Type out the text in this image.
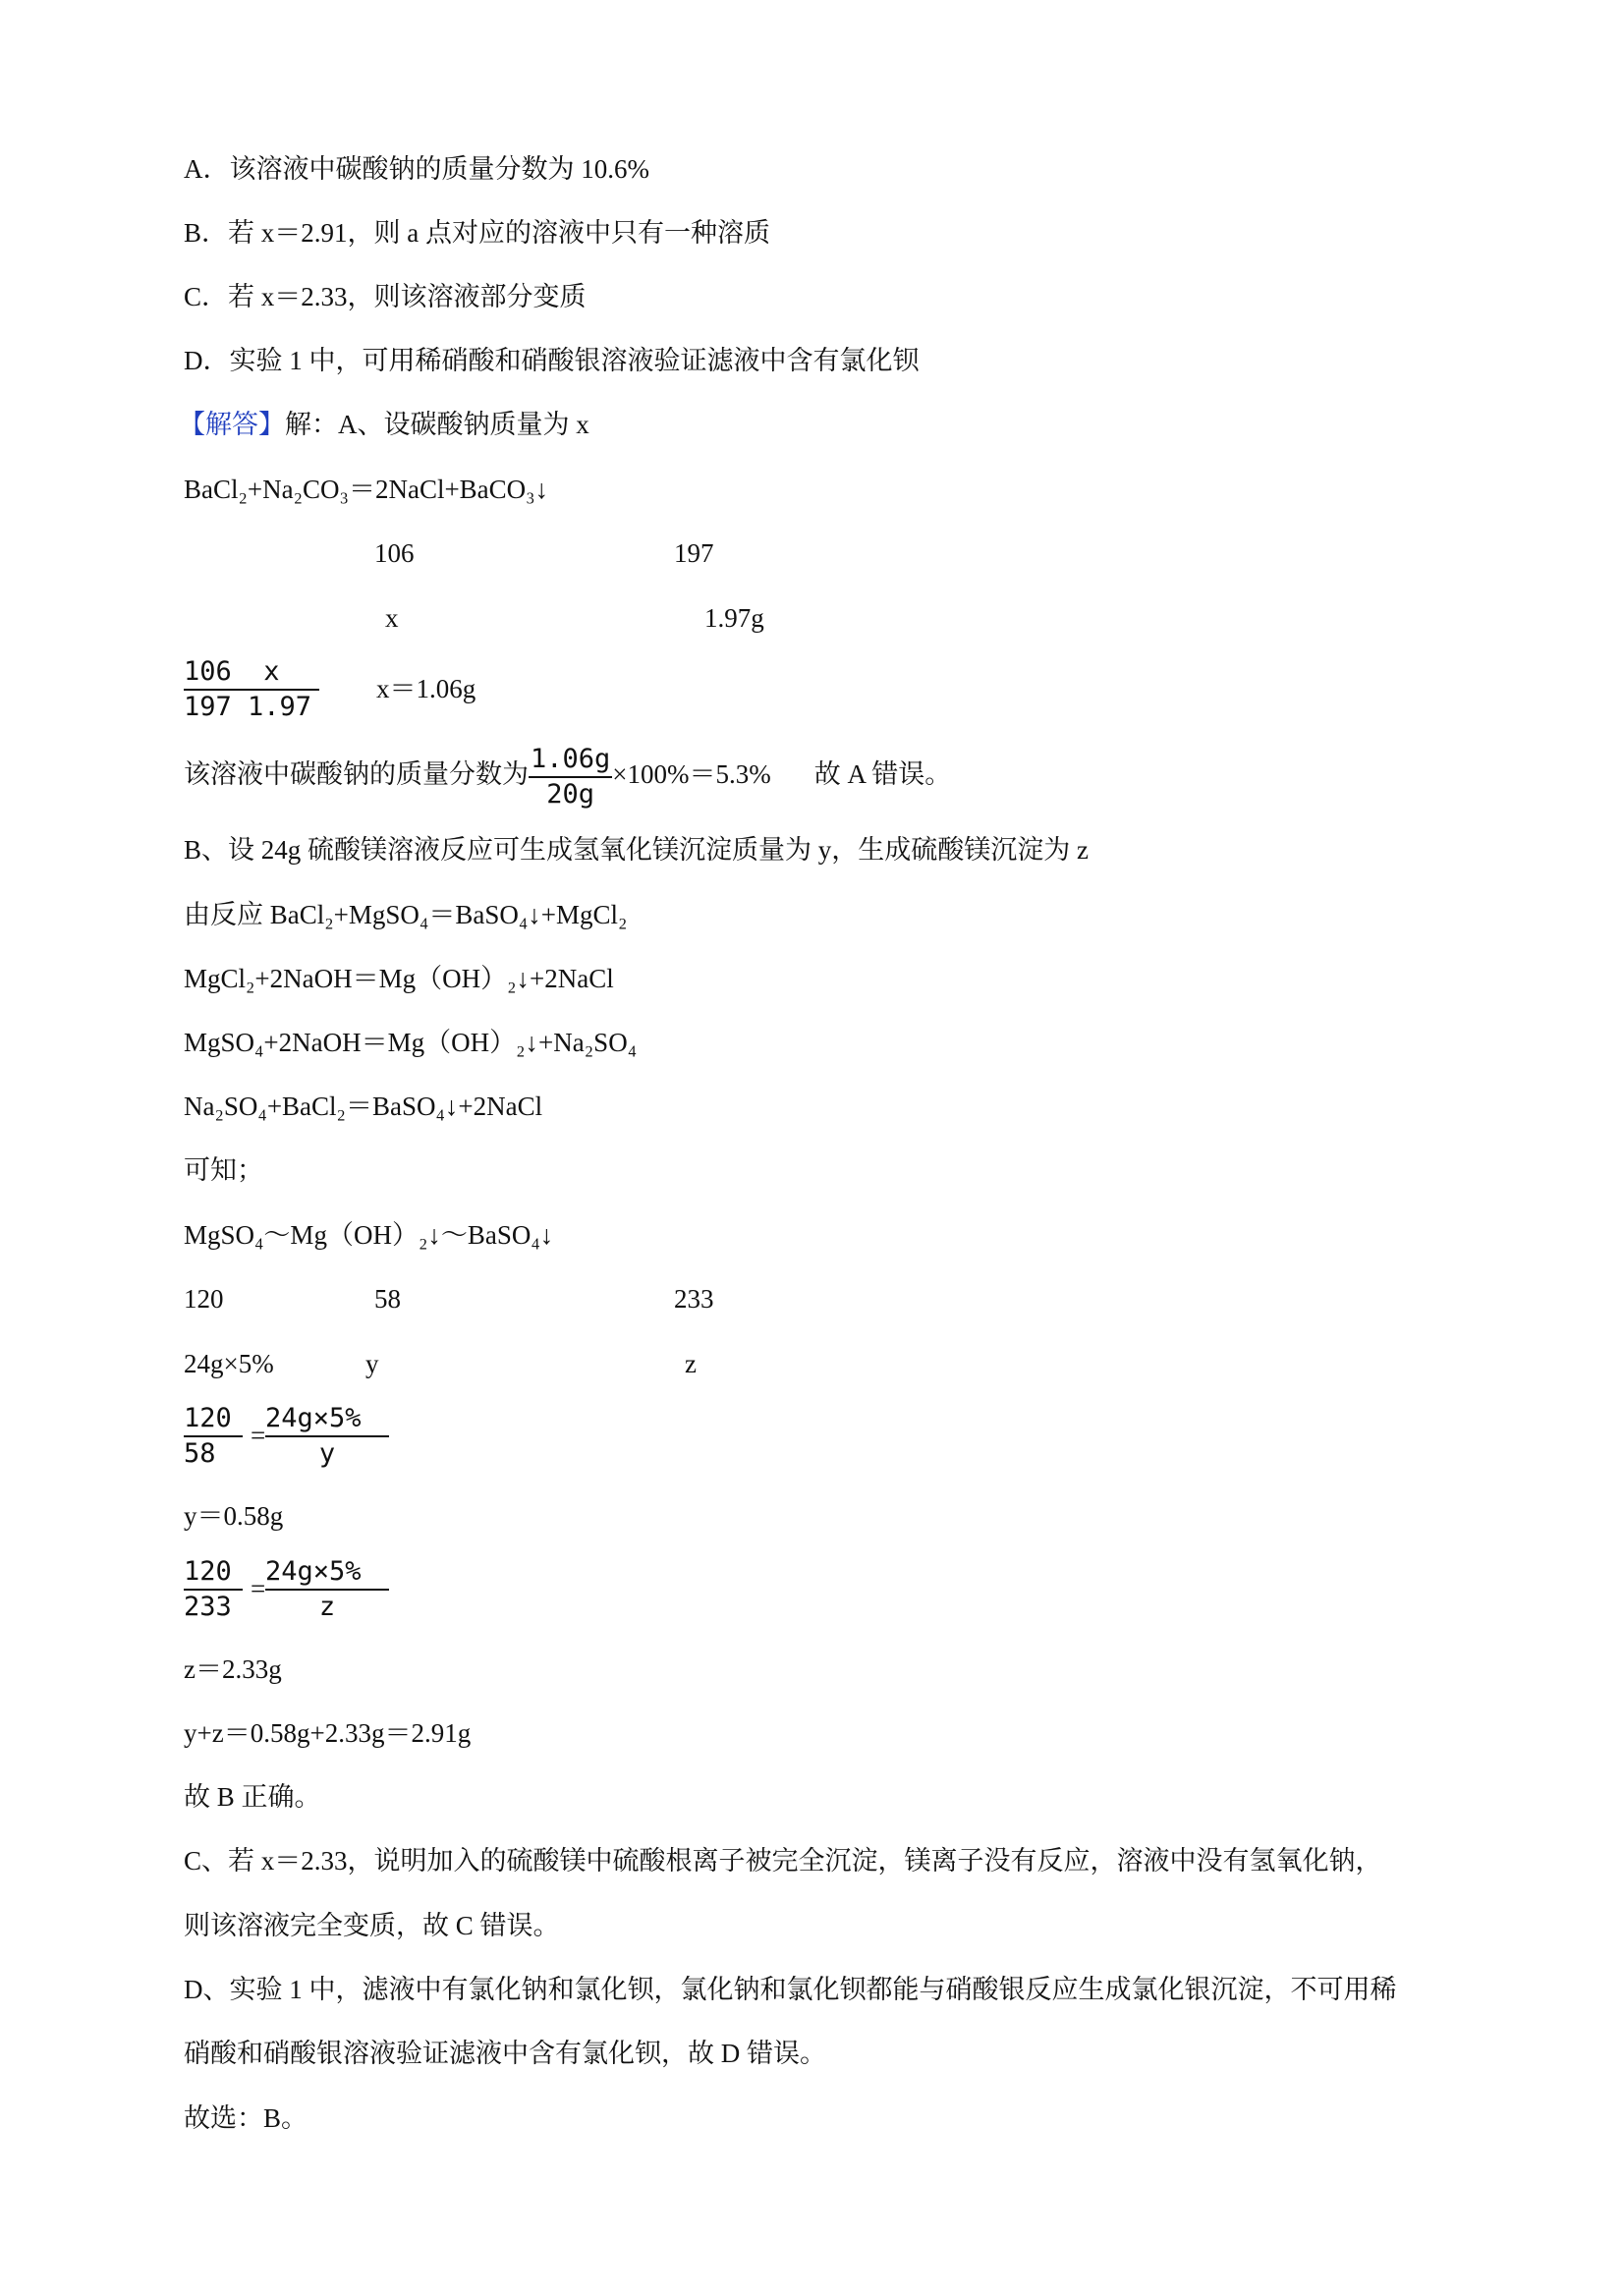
A．该溶液中碳酸钠的质量分数为 10.6%
B．若 x＝2.91，则 a 点对应的溶液中只有一种溶质
C．若 x＝2.33，则该溶液部分变质
D．实验 1 中，可用稀硝酸和硝酸银溶液验证滤液中含有氯化钡
【解答】解：A、设碳酸钠质量为 x
BaCl₂+Na₂CO₃＝2NaCl+BaCO₃↓
106	197
x	1.97g
106  x
197 1.97
x＝1.06g
该溶液中碳酸钠的质量分数为 $\frac{1.06g}{20g} \times 100\%=5.3\%$ 故 A 错误。
B、设 24g 硫酸镁溶液反应可生成氢氧化镁沉淀质量为 y，生成硫酸镁沉淀为 z
由反应 BaCl₂+MgSO₄＝BaSO₄↓+MgCl₂
MgCl₂+2NaOH＝Mg（OH）₂↓+2NaCl
MgSO₄+2NaOH＝Mg（OH）₂↓+Na₂SO₄
Na₂SO₄+BaCl₂＝BaSO₄↓+2NaCl
可知；
MgSO₄～Mg（OH）₂↓～BaSO₄↓
120	58	233
24g×5%	y	z
120
58
=
24g×5%
y
y＝0.58g
120
233
=
24g×5%
z
z＝2.33g
y+z＝0.58g+2.33g＝2.91g
故 B 正确。
C、若 x＝2.33，说明加入的硫酸镁中硫酸根离子被完全沉淀，镁离子没有反应，溶液中没有氢氧化钠，
则该溶液完全变质，故 C 错误。
D、实验 1 中，滤液中有氯化钠和氯化钡，氯化钠和氯化钡都能与硝酸银反应生成氯化银沉淀，不可用稀
硝酸和硝酸银溶液验证滤液中含有氯化钡，故 D 错误。
故选：B。
